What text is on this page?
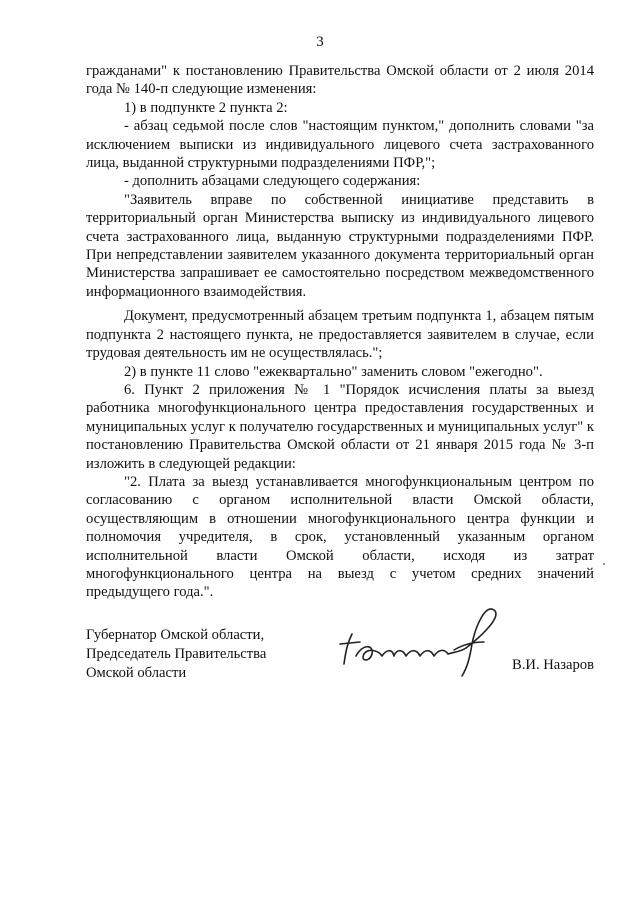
3

гражданами" к постановлению Правительства Омской области от 2 июля 2014 года № 140-п следующие изменения:

1) в подпункте 2 пункта 2:

- абзац седьмой после слов "настоящим пунктом," дополнить словами "за исключением выписки из индивидуального лицевого счета застрахованного лица, выданной структурными подразделениями ПФР,";

- дополнить абзацами следующего содержания:

"Заявитель вправе по собственной инициативе представить в территориальный орган Министерства выписку из индивидуального лицевого счета застрахованного лица, выданную структурными подразделениями ПФР. При непредставлении заявителем указанного документа территориальный орган Министерства запрашивает ее самостоятельно посредством межведомственного информационного взаимодействия.

Документ, предусмотренный абзацем третьим подпункта 1, абзацем пятым подпункта 2 настоящего пункта, не предоставляется заявителем в случае, если трудовая деятельность им не осуществлялась.";

2) в пункте 11 слово "ежеквартально" заменить словом "ежегодно".

6. Пункт 2 приложения № 1 "Порядок исчисления платы за выезд работника многофункционального центра предоставления государственных и муниципальных услуг к получателю государственных и муниципальных услуг" к постановлению Правительства Омской области от 21 января 2015 года № 3-п изложить в следующей редакции:

"2. Плата за выезд устанавливается многофункциональным центром по согласованию с органом исполнительной власти Омской области, осуществляющим в отношении многофункционального центра функции и полномочия учредителя, в срок, установленный указанным органом исполнительной власти Омской области, исходя из затрат многофункционального центра на выезд с учетом средних значений предыдущего года.".

Губернатор Омской области,
Председатель Правительства
Омской области	В.И. Назаров
